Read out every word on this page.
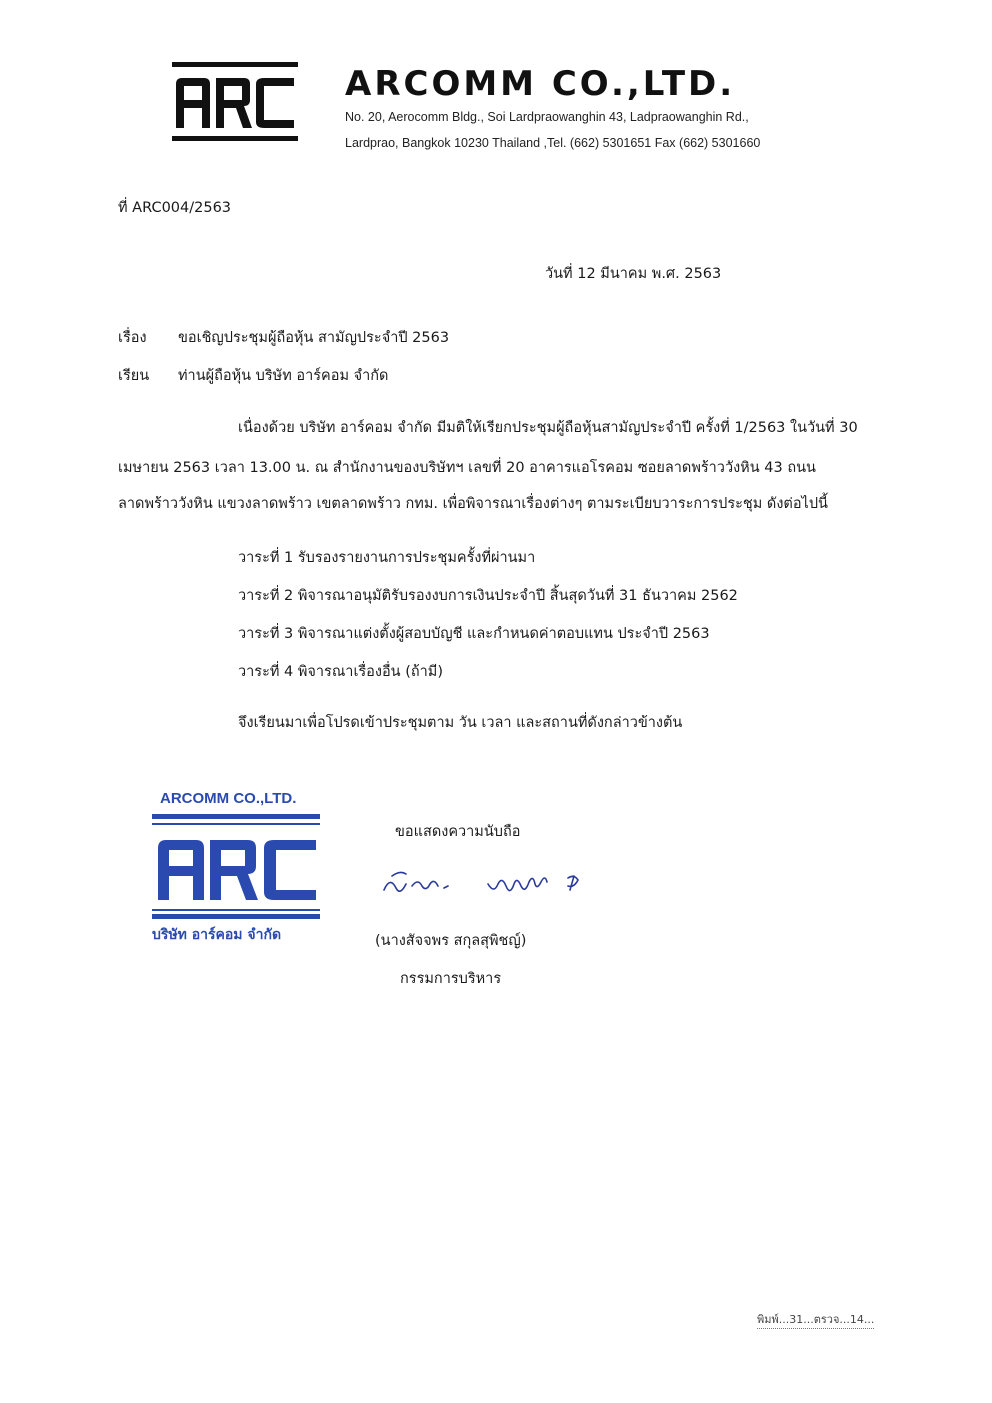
ARCOMM CO.,LTD.
No. 20, Aerocomm Bldg., Soi Lardpraowanghin 43, Ladpraowanghin Rd.,
Lardprao, Bangkok 10230 Thailand ,Tel. (662) 5301651 Fax (662) 5301660
ที่ ARC004/2563
วันที่ 12 มีนาคม พ.ศ. 2563
เรื่อง ขอเชิญประชุมผู้ถือหุ้น สามัญประจำปี 2563
เรียน ท่านผู้ถือหุ้น บริษัท อาร์คอม จำกัด
เนื่องด้วย บริษัท อาร์คอม จำกัด มีมติให้เรียกประชุมผู้ถือหุ้นสามัญประจำปี ครั้งที่ 1/2563 ในวันที่ 30
เมษายน 2563 เวลา 13.00 น. ณ สำนักงานของบริษัทฯ เลขที่ 20 อาคารแอโรคอม ซอยลาดพร้าววังหิน 43 ถนน
ลาดพร้าววังหิน แขวงลาดพร้าว เขตลาดพร้าว กทม. เพื่อพิจารณาเรื่องต่างๆ ตามระเบียบวาระการประชุม ดังต่อไปนี้
วาระที่ 1 รับรองรายงานการประชุมครั้งที่ผ่านมา
วาระที่ 2 พิจารณาอนุมัติรับรองงบการเงินประจำปี สิ้นสุดวันที่ 31 ธันวาคม 2562
วาระที่ 3 พิจารณาแต่งตั้งผู้สอบบัญชี และกำหนดค่าตอบแทน ประจำปี 2563
วาระที่ 4 พิจารณาเรื่องอื่น (ถ้ามี)
จึงเรียนมาเพื่อโปรดเข้าประชุมตาม วัน เวลา และสถานที่ดังกล่าวข้างต้น
ARCOMM CO.,LTD.
บริษัท อาร์คอม จำกัด
ขอแสดงความนับถือ
(นางสัจจพร สกุลสุพิชญ์)
กรรมการบริหาร
พิมพ์...31...ตรวจ...14...
